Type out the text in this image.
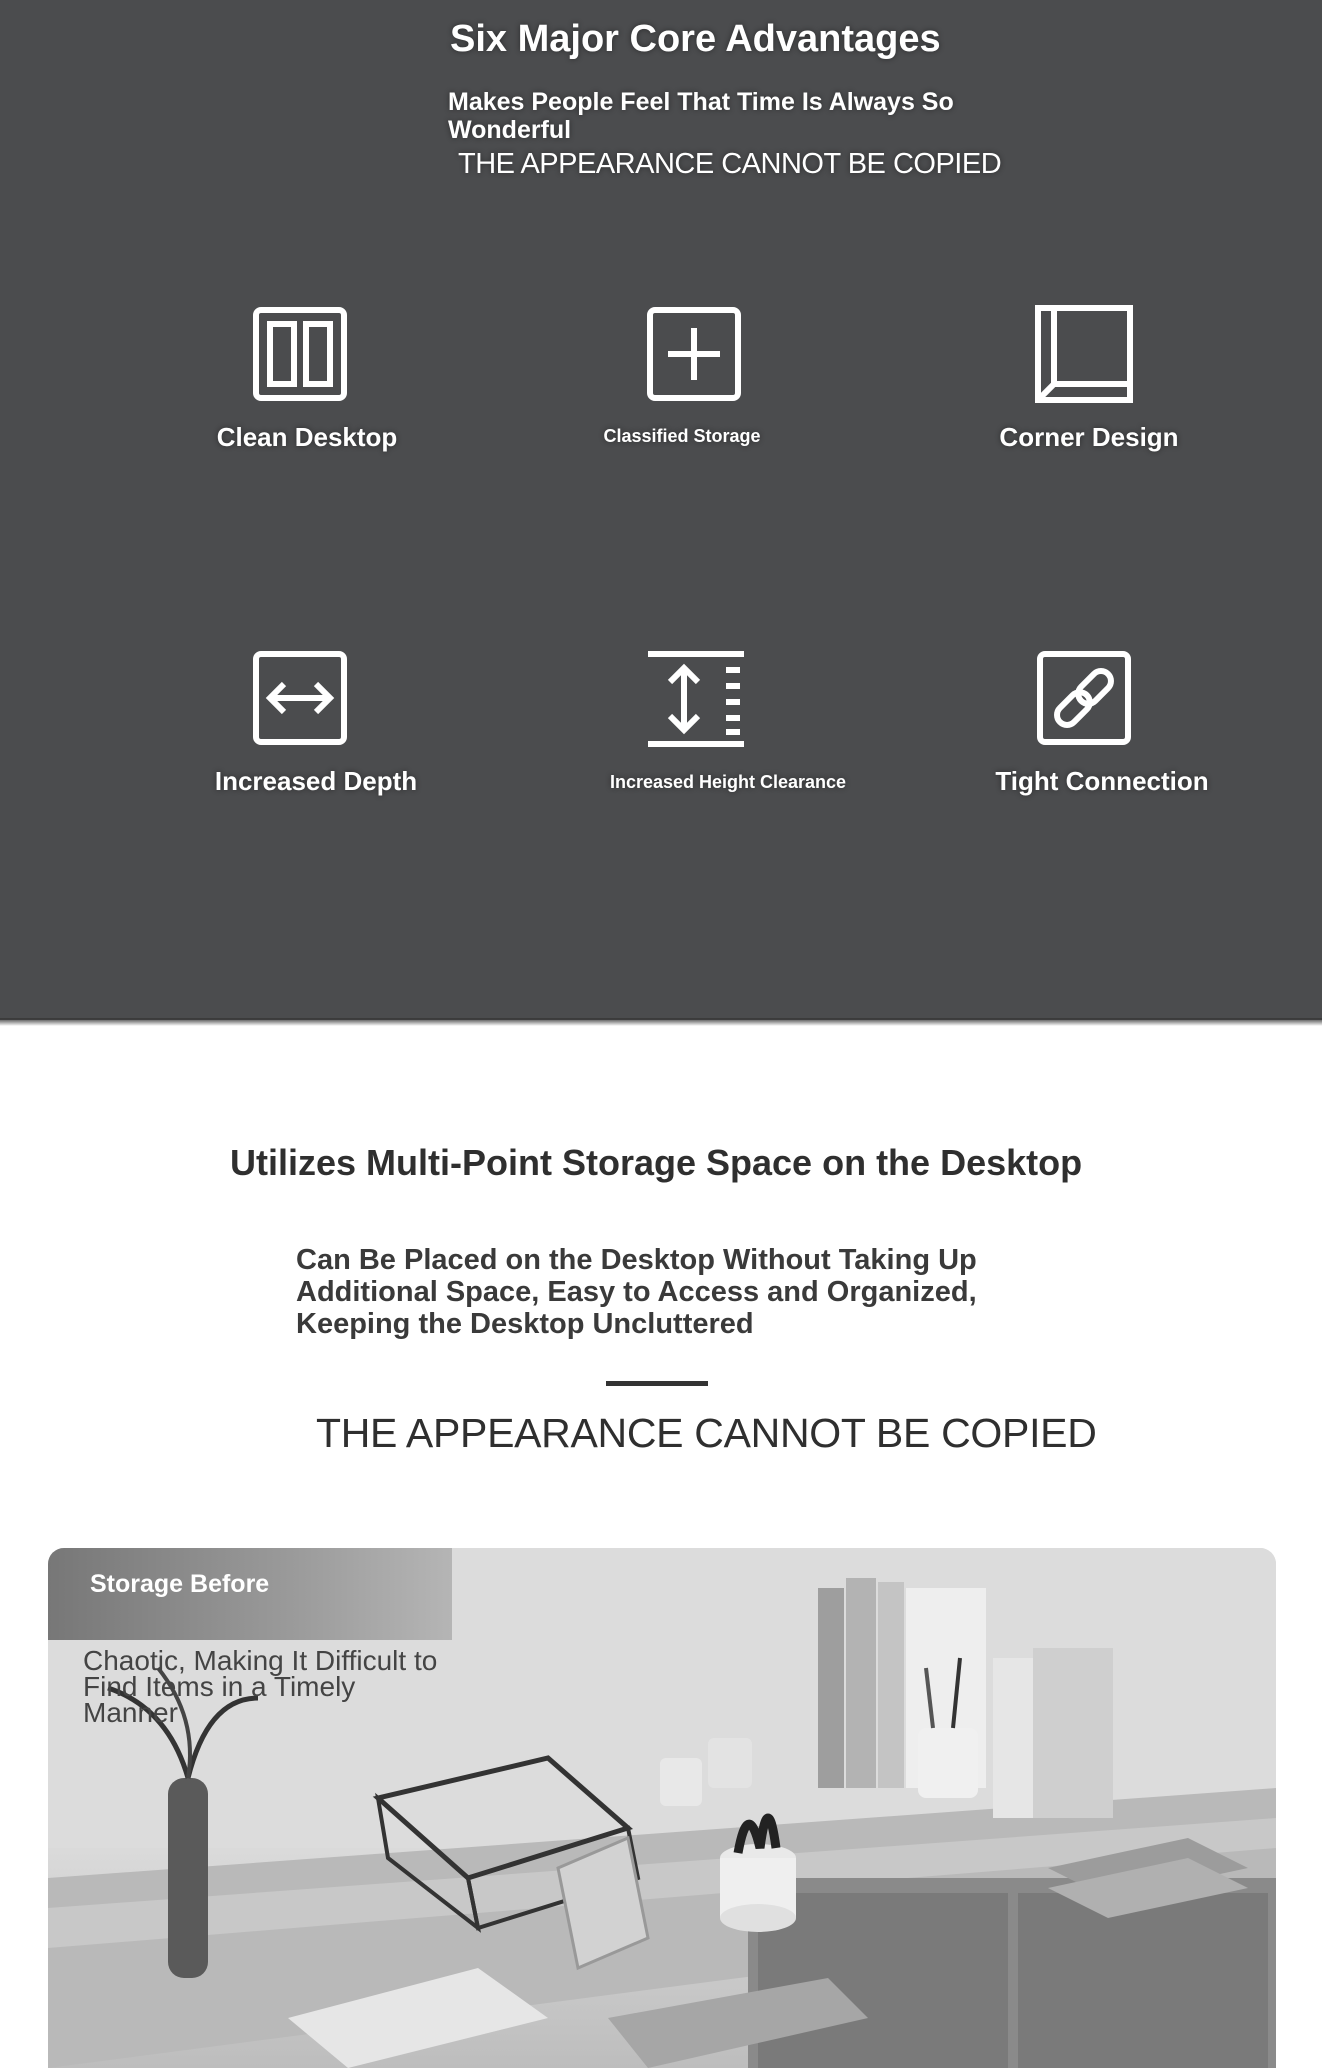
Six Major Core Advantages
Makes People Feel That Time Is Always So Wonderful
THE APPEARANCE CANNOT BE COPIED
Clean Desktop	Classified Storage	Corner Design
Increased Depth	Increased Height Clearance	Tight Connection
Utilizes Multi-Point Storage Space on the Desktop
Can Be Placed on the Desktop Without Taking Up Additional Space, Easy to Access and Organized, Keeping the Desktop Uncluttered
THE APPEARANCE CANNOT BE COPIED
Storage Before
Chaotic, Making It Difficult to Find Items in a Timely Manner
